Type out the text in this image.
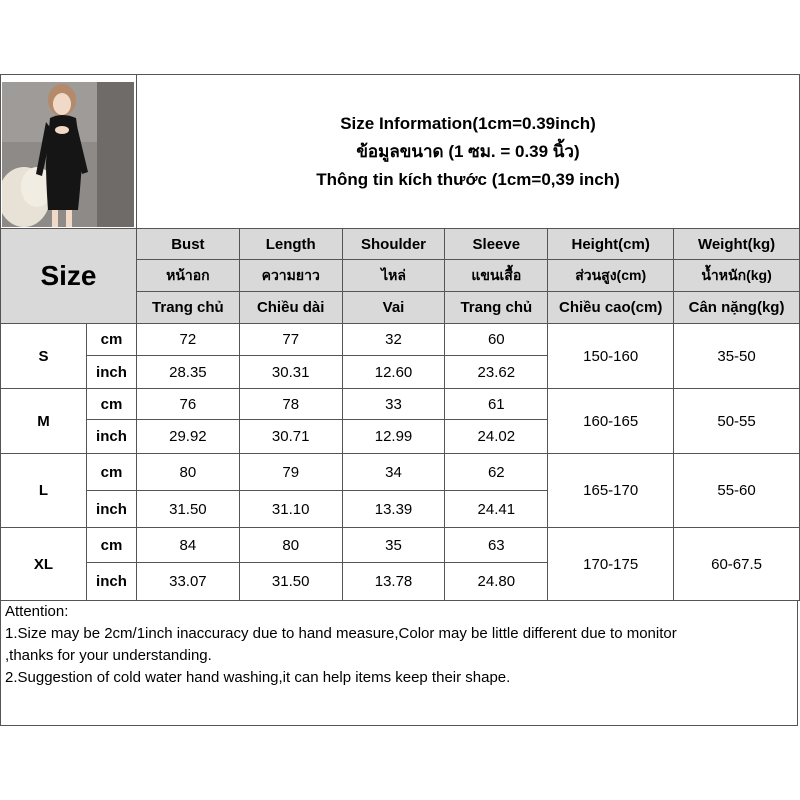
Size Information(1cm=0.39inch)
ข้อมูลขนาด (1 ซม. = 0.39 นิ้ว)
Thông tin kích thước (1cm=0,39 inch)					

Size		Bust	Length	Shoulder	Sleeve	Height(cm)	Weight(kg)
		หน้าอก	ความยาว	ไหล่	แขนเสื้อ	ส่วนสูง(cm)	น้ำหนัก(kg)
		Trang chủ	Chiều dài	Vai	Trang chủ	Chiều cao(cm)	Cân nặng(kg)
S	cm	72	77	32	60	150-160	35-50
	inch	28.35	30.31	12.60	23.62		
M	cm	76	78	33	61	160-165	50-55
	inch	29.92	30.71	12.99	24.02		
L	cm	80	79	34	62	165-170	55-60
	inch	31.50	31.10	13.39	24.41		
XL	cm	84	80	35	63	170-175	60-67.5
	inch	33.07	31.50	13.78	24.80		
Attention:
1.Size may be 2cm/1inch inaccuracy due to hand measure,Color may be little different due to monitor
,thanks for your understanding.
2.Suggestion of cold water hand washing,it can help items keep their shape.
